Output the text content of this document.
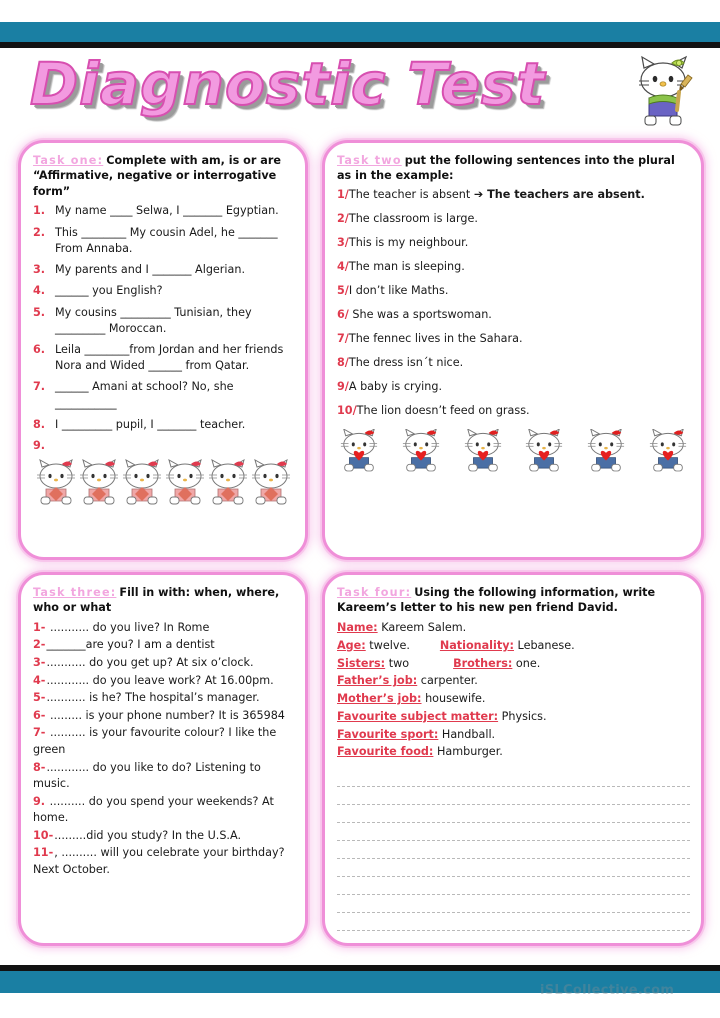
Diagnostic Test
Task one: Complete with am, is or are “Affirmative, negative or interrogative form”
1. My name ____ Selwa, I _______ Egyptian.
2. This ________ My cousin Adel, he _______ From Annaba.
3. My parents and I _______ Algerian.
4. ______ you English?
5. My cousins _________ Tunisian, they _________ Moroccan.
6. Leila ________from Jordan and her friends Nora and Wided ______ from Qatar.
7. ______ Amani at school? No, she ___________
8. I _________ pupil, I _______ teacher.
9.
Task two put the following sentences into the plural as in the example:
1/The teacher is absent ➔ The teachers are absent.
2/The classroom is large.
3/This is my neighbour.
4/The man is sleeping.
5/I don’t like Maths.
6/ She was a sportswoman.
7/The fennec lives in the Sahara.
8/The dress isn´t nice.
9/A baby is crying.
10/The lion doesn’t feed on grass.
Task three: Fill in with: when, where, who or what
1- ........... do you live? In Rome
2-_______are you? I am a dentist
3-........... do you get up? At six o’clock.
4-............ do you leave work? At 16.00pm.
5-........... is he? The hospital’s manager.
6- ......... is your phone number? It is 365984
7- .......... is your favourite colour? I like the green
8-............ do you like to do? Listening to music.
9. .......... do you spend your weekends? At home.
10-.........did you study? In the U.S.A.
11-, .......... will you celebrate your birthday? Next October.
Task four: Using the following information, write Kareem’s letter to his new pen friend David.
Name: Kareem Salem.
Age: twelve.	Nationality: Lebanese.
Sisters: two	Brothers: one.
Father’s job: carpenter.
Mother’s job: housewife.
Favourite subject matter: Physics.
Favourite sport: Handball.
Favourite food: Hamburger.
iSLCollective.com
